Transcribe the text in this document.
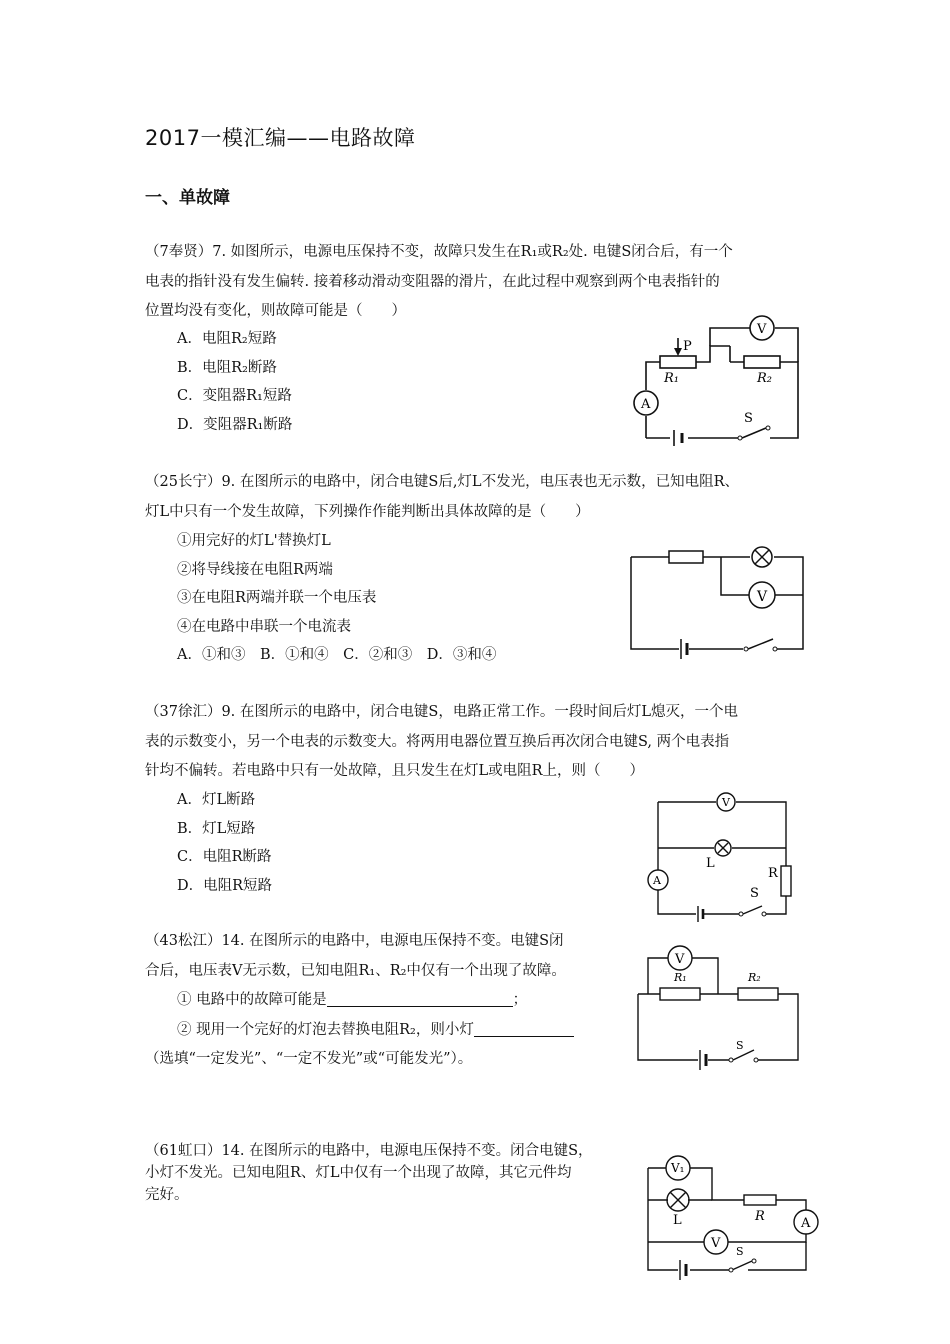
2017一模汇编——电路故障
一、单故障
（7奉贤）7. 如图所示，电源电压保持不变，故障只发生在R₁或R₂处. 电键S闭合后，有一个
电表的指针没有发生偏转. 接着移动滑动变阻器的滑片，在此过程中观察到两个电表指针的
位置均没有变化，则故障可能是（　　）
A．电阻R₂短路
B．电阻R₂断路
C．变阻器R₁短路
D．变阻器R₁断路
P
R₁	R₂
A
V
S
（25长宁）9. 在图所示的电路中，闭合电键S后,灯L不发光，电压表也无示数，已知电阻R、
灯L中只有一个发生故障，下列操作作能判断出具体故障的是（　　）
①用完好的灯L'替换灯L
②将导线接在电阻R两端
③在电阻R两端并联一个电压表
④在电路中串联一个电流表
A．①和③　B．①和④　C．②和③　D．③和④
V
（37徐汇）9. 在图所示的电路中，闭合电键S，电路正常工作。一段时间后灯L熄灭，一个电
表的示数变小，另一个电表的示数变大。将两用电器位置互换后再次闭合电键S, 两个电表指
针均不偏转。若电路中只有一处故障，且只发生在灯L或电阻R上，则（　　）
A．灯L断路
B．灯L短路
C．电阻R断路
D．电阻R短路
V
A
L
R
S
（43松江）14. 在图所示的电路中，电源电压保持不变。电键S闭
合后，电压表V无示数，已知电阻R₁、R₂中仅有一个出现了故障。
① 电路中的故障可能是	；
② 现用一个完好的灯泡去替换电阻R₂，则小灯
（选填“一定发光”、“一定不发光”或“可能发光”）。
V
R₁	R₂
S
（61虹口）14. 在图所示的电路中，电源电压保持不变。闭合电键S，
小灯不发光。已知电阻R、灯L中仅有一个出现了故障，其它元件均
完好。
V₁
V
A
L	R
S
